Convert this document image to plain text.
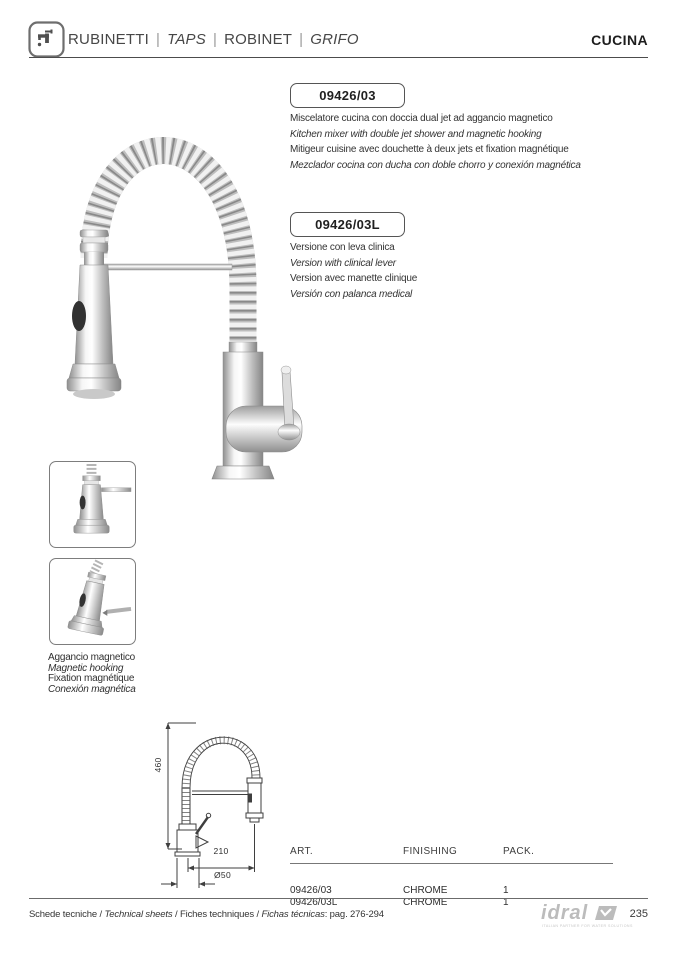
RUBINETTI | TAPS | ROBINET | GRIFO	CUCINA
09426/03
Miscelatore cucina con doccia dual jet ad aggancio magnetico
Kitchen mixer with double jet shower and magnetic hooking
Mitigeur cuisine avec douchette à deux jets et fixation magnétique
Mezclador cocina con ducha con doble chorro y conexión magnética
09426/03L
Versione con leva clinica
Version with clinical lever
Version avec manette clinique
Versión con palanca medical
Aggancio magnetico
Magnetic hooking
Fixation magnétique
Conexión magnética
460
210
Ø50
ART.	FINISHING	PACK.
09426/03	CHROME	1
09426/03L	CHROME	1
Schede tecniche / Technical sheets / Fiches techniques / Fichas técnicas: pag. 276-294	idral
ITALIAN PARTNER FOR WATER SOLUTIONS
235
